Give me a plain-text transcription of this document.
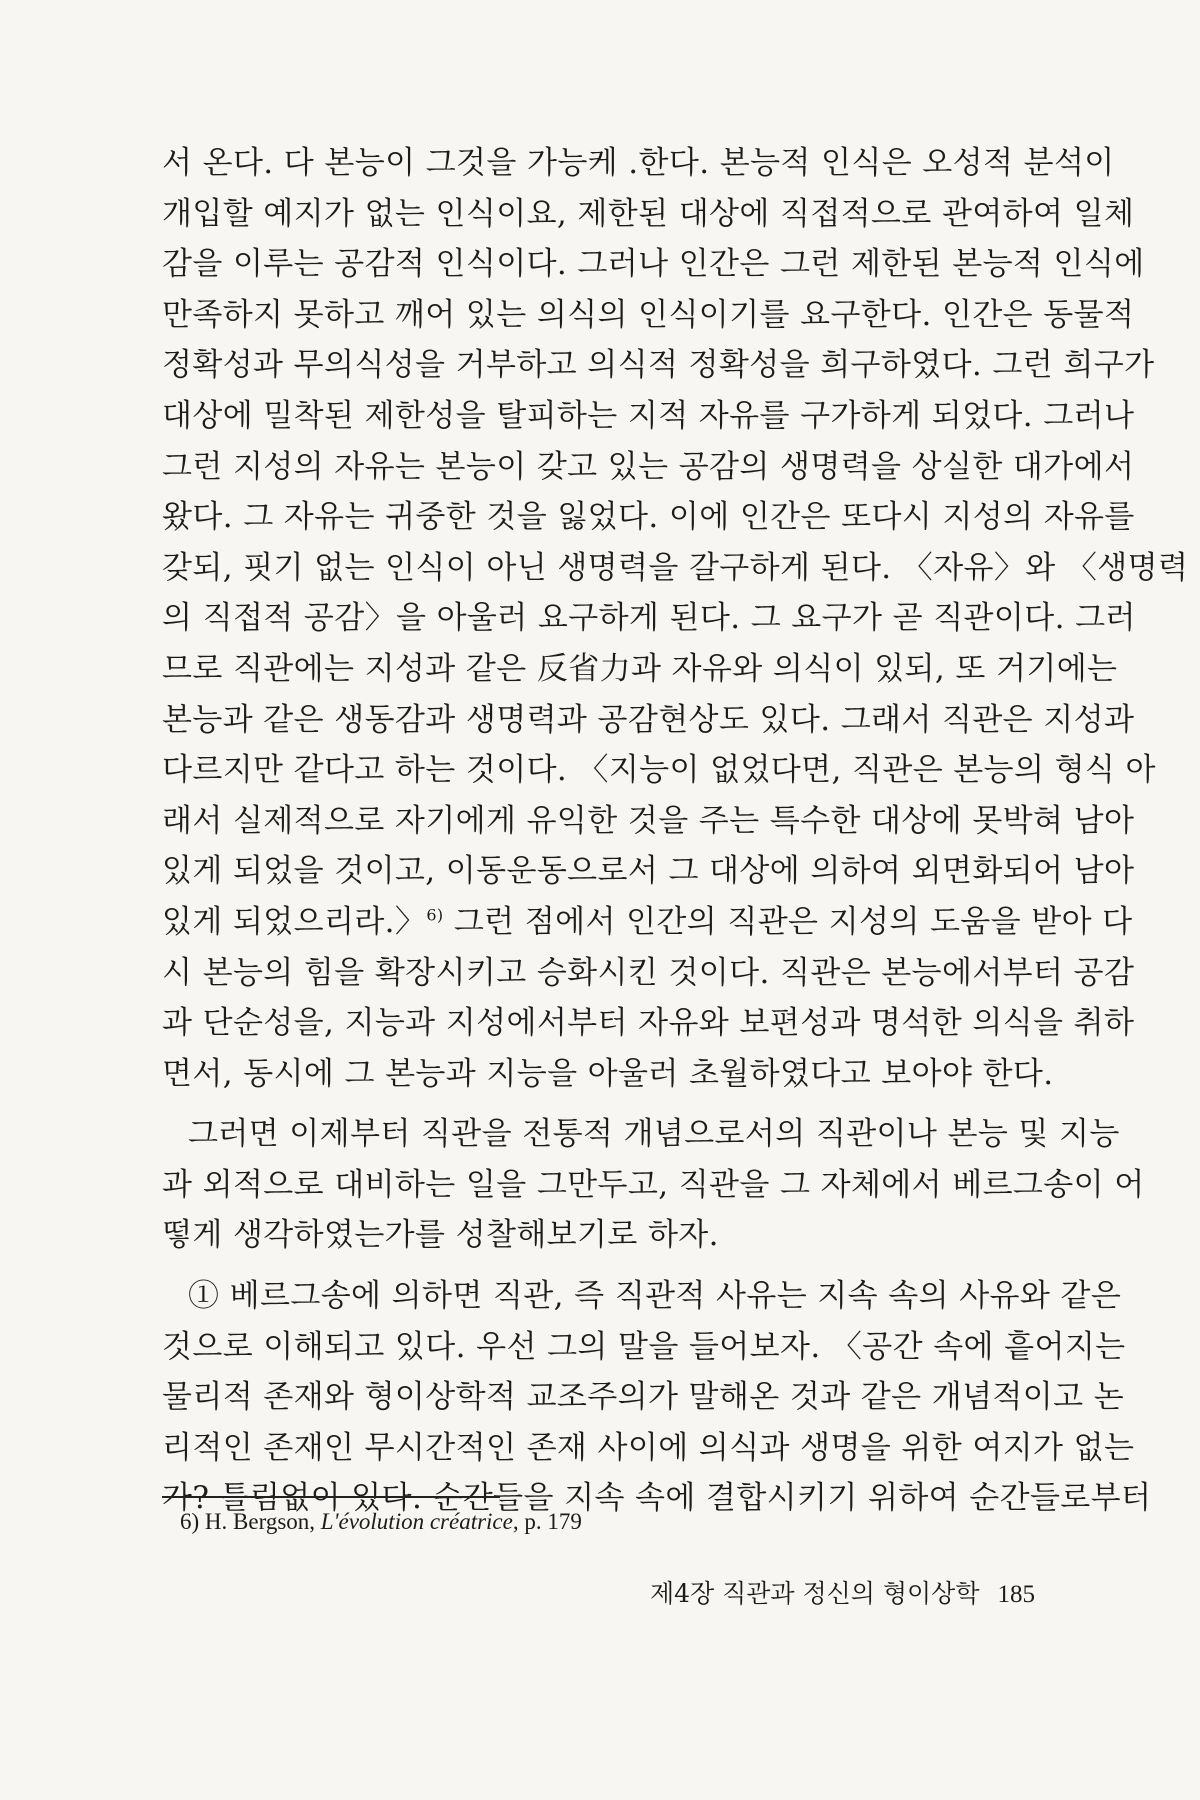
서 온다. 다 본능이 그것을 가능케 .한다. 본능적 인식은 오성적 분석이
개입할 예지가 없는 인식이요, 제한된 대상에 직접적으로 관여하여 일체
감을 이루는 공감적 인식이다. 그러나 인간은 그런 제한된 본능적 인식에
만족하지 못하고 깨어 있는 의식의 인식이기를 요구한다. 인간은 동물적
정확성과 무의식성을 거부하고 의식적 정확성을 희구하였다. 그런 희구가
대상에 밀착된 제한성을 탈피하는 지적 자유를 구가하게 되었다. 그러나
그런 지성의 자유는 본능이 갖고 있는 공감의 생명력을 상실한 대가에서
왔다. 그 자유는 귀중한 것을 잃었다. 이에 인간은 또다시 지성의 자유를
갖되, 핏기 없는 인식이 아닌 생명력을 갈구하게 된다. 〈자유〉와 〈생명력
의 직접적 공감〉을 아울러 요구하게 된다. 그 요구가 곧 직관이다. 그러
므로 직관에는 지성과 같은 反省力과 자유와 의식이 있되, 또 거기에는
본능과 같은 생동감과 생명력과 공감현상도 있다. 그래서 직관은 지성과
다르지만 같다고 하는 것이다. 〈지능이 없었다면, 직관은 본능의 형식 아
래서 실제적으로 자기에게 유익한 것을 주는 특수한 대상에 못박혀 남아
있게 되었을 것이고, 이동운동으로서 그 대상에 의하여 외면화되어 남아
있게 되었으리라.〉$^{6)}$ 그런 점에서 인간의 직관은 지성의 도움을 받아 다
시 본능의 힘을 확장시키고 승화시킨 것이다. 직관은 본능에서부터 공감
과 단순성을, 지능과 지성에서부터 자유와 보편성과 명석한 의식을 취하
면서, 동시에 그 본능과 지능을 아울러 초월하였다고 보아야 한다.
그러면 이제부터 직관을 전통적 개념으로서의 직관이나 본능 및 지능
과 외적으로 대비하는 일을 그만두고, 직관을 그 자체에서 베르그송이 어
떻게 생각하였는가를 성찰해보기로 하자.
① 베르그송에 의하면 직관, 즉 직관적 사유는 지속 속의 사유와 같은
것으로 이해되고 있다. 우선 그의 말을 들어보자. 〈공간 속에 흩어지는
물리적 존재와 형이상학적 교조주의가 말해온 것과 같은 개념적이고 논
리적인 존재인 무시간적인 존재 사이에 의식과 생명을 위한 여지가 없는
가? 틀림없이 있다. 순간들을 지속 속에 결합시키기 위하여 순간들로부터
6) H. Bergson, L'évolution créatrice, p. 179
제4장 직관과 정신의 형이상학 185
